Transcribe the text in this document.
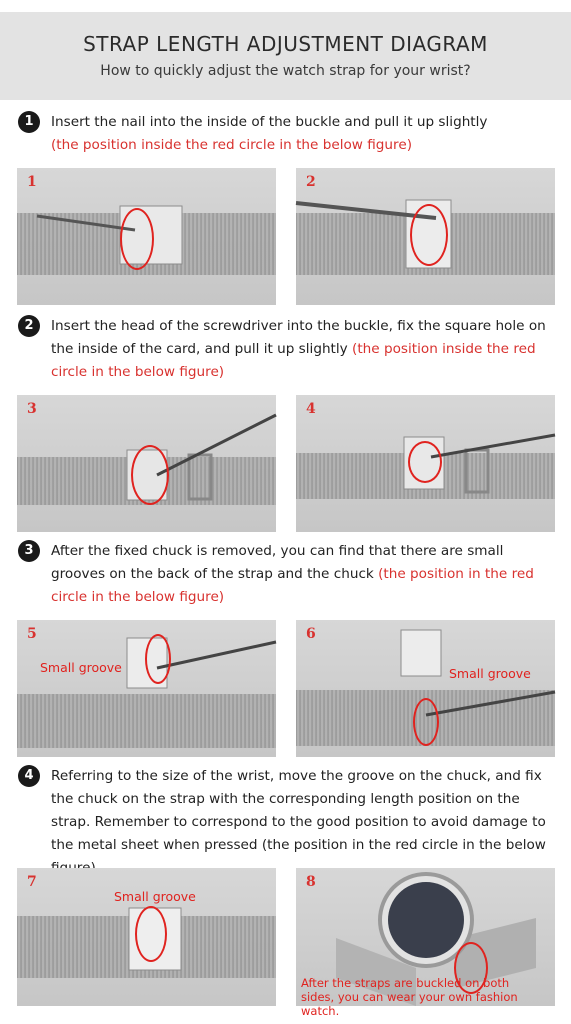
STRAP LENGTH ADJUSTMENT DIAGRAM
How to quickly adjust the watch strap for your wrist?
1	Insert the nail into the inside of the buckle and pull it up slightly
(the position inside the red circle in the below figure)
1	2
2	Insert the head of the screwdriver into the buckle, fix the square hole on the inside of the card, and pull it up slightly (the position inside the red circle in the below figure)
3	4
3	After the fixed chuck is removed, you can find that there are small grooves on the back of the strap and the chuck (the position in the red circle in the below figure)
5
Small groove
6
Small groove
4	Referring to the size of the wrist, move the groove on the chuck, and fix the chuck on the strap with the corresponding length position on the strap. Remember to correspond to the good position to avoid damage to the metal sheet when pressed (the position in the red circle in the below
7
Small groove
8
After the straps are buckled on both sides, you can wear your own fashion watch.
